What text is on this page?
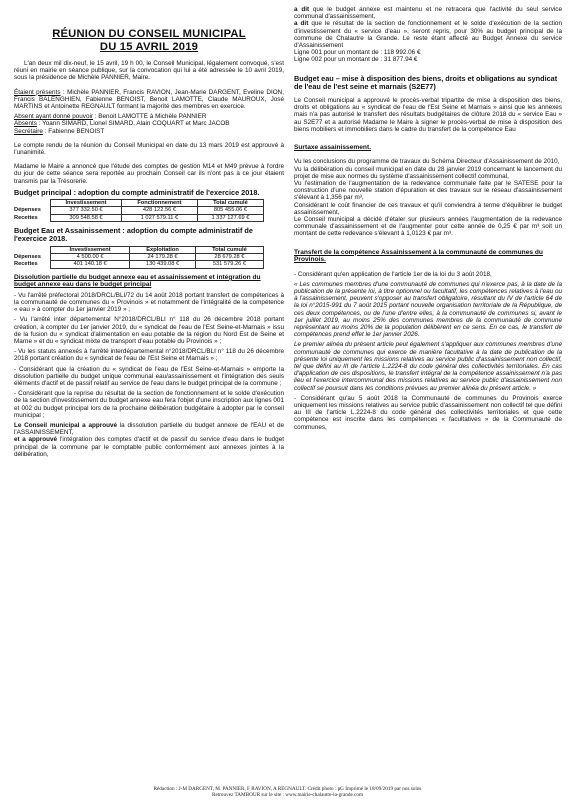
RÉUNION DU CONSEIL MUNICIPAL
DU 15 AVRIL 2019

L'an deux mil dix-neuf, le 15 avril, 19 h 00, le Conseil Municipal, légalement convoqué, s'est réuni en mairie en séance publique, sur la convocation qui lui a été adressée le 10 avril 2019, sous la présidence de Michèle PANNIER, Maire.

Étaient présents : Michèle PANNIER, Francis RAVION, Jean-Marie DARGENT, Eveline DION, Francis BALENGHIEN, Fabienne BENOIST, Benoit LAMOTTE, Claude MAUROUX, José MARTINS et Antoinette REGNAULT formant la majorité des membres en exercice.

Absent ayant donné pouvoir : Benoit LAMOTTE à Michèle PANNIER

Absents : Yoann SIMARD, Lionel SIMARD, Alain COQUART et Marc JACOB

Secrétaire : Fabienne BENOIST

Le compte rendu de la réunion du Conseil Municipal en date du 13 mars 2019 est approuvé à l'unanimité.

Madame le Maire a annoncé que l'étude des comptes de gestion M14 et M49 prévue à l'ordre du jour de cette séance sera reportée au prochain Conseil car ils n'ont pas à ce jour étaient transmis par la Trésorerie.

Budget principal : adoption du compte administratif de l'exercice 2018.
	Investissement	Fonctionnement	Total cumulé
Dépenses	377 332.50 €	428 122.56 €	805 455.06 €
Recettes	309 548.58 €	1 027 579.11 €	1 337 127.69 €
Budget Eau et Assainissement : adoption du compte administratif de l'exercice 2018.
	Investissement	Exploitation	Total cumulé
Dépenses	4 500.00 €	24 179.28 €	28 679.28 €
Recettes	401 140.18 €	130 439.08 €	531 579.26 €
Dissolution partielle du budget annexe eau et assainissement et intégration du budget annexe eau dans le budget principal

- Vu l'arrêté préfectoral 2018/DRCL/BLI/72 du 14 août 2018 portant transfert de compétences à la communauté de communes du « Provinois » et notamment de l'intégralité de la compétence « eau » à compter du 1er janvier 2019 » ;

- Vu l'arrêté inter départemental N°2018/DRCL/BLI n° 118 du 26 décembre 2018 portant création, à compter du 1er janvier 2019, du « syndicat de l'eau de l'Est Seine-et-Marnais » issu de la fusion du « syndicat d'alimentation en eau potable de la région du Nord Est de Seine et Marne » et du « syndicat mixte de transport d'eau potable du Provinois » ;

- Vu les statuts annexés à l'arrêté interdépartemental n°2018/DRCL/BLI n° 118 du 26 décembre 2018 portant création du « syndicat de l'eau de l'Est Seine et Marnais » ;

- Considérant que la création du « syndicat de l'eau de l'Est Seine-et-Marnais » emporte la dissolution partielle du budget unique communal eau/assainissement et l'intégration des seuls éléments d'actif et de passif relatif au service de l'eau dans le budget principal de la commune ;

- Considérant que la reprise du résultat de la section de fonctionnement et le solde d'exécution de la section d'investissement du budget annexe eau fera l'objet d'une inscription aux lignes 001 et 002 du budget principal lors de la prochaine délibération budgétaire à adopter par le conseil municipal ;

Le Conseil municipal a approuvé la dissolution partielle du budget annexe de l'EAU et de l'ASSAINISSEMENT,

et a approuvé l'intégration des comptes d'actif et de passif du service d'eau dans le budget principal de la commune par le comptable public conformément aux annexes jointes à la délibération,

a dit que le budget annexe est maintenu et ne retracera que l'activité du seul service communal d'assainissement,

a dit que le résultat de la section de fonctionnement et le solde d'exécution de la section d'investissement du « service d'eau », seront repris, pour 30% au budget principal de la commune de Chalautre la Grande. Le reste étant affecté au Budget Annexe du service d'Assainissement

Ligne 001 pour un montant de : 118 992.06 €

Ligne 002 pour un montant de : 31 877.94 €

Budget eau – mise à disposition des biens, droits et obligations au syndicat de l'eau de l'est seine et marnais (S2E77)

Le Conseil municipal a approuvé le procès-verbal tripartite de mise à disposition des biens, droits et obligations au « syndicat de l'eau de l'Est Seine et Marnais » ainsi que les annexes mais n'a pas autorisé le transfert des résultats budgétaires de clôture 2018 du « service Eau » au S2E77 et a autorisé Madame le Maire à signer le procès-verbal de mise à disposition des biens mobiliers et immobiliers dans le cadre du transfert de la compétence Eau

Surtaxe assainissement.

Vu les conclusions du programme de travaux du Schéma Directeur d'Assainissement de 2010,

Vu la délibération du conseil municipal en date du 28 janvier 2019 concernant le lancement du projet de mise aux normes du système d'assainissement collectif communal,

Vu l'estimation de l'augmentation de la redevance communale faite par le SATESE pour la construction d'une nouvelle station d'épuration et des travaux sur le réseau d'assainissement s'élevant à 1,356 par m³,

Considérant le coût financier de ces travaux et qu'il conviendra à terme d'équilibrer le budget assainissement,

Le Conseil municipal a décidé d'étaler sur plusieurs années l'augmentation de la redevance communale d'assainissement et de l'augmenter pour cette année de 0,25 € par m³ soit un montant de cette redevance s'élevant à 1,0123 € par m³.

Transfert de la compétence Assainissement à la communauté de communes du Provinois.

- Considérant qu'en application de l'article 1er de la loi du 3 août 2018,

« Les communes membres d'une communauté de communes qui n'exerce pas, à la date de la publication de la présente loi, à titre optionnel ou facultatif, les compétences relatives à l'eau ou à l'assainissement, peuvent s'opposer au transfert obligatoire, résultant du IV de l'article 64 de la loi n°2015-991 du 7 août 2015 portant nouvelle organisation territoriale de la République, de ces deux compétences, ou de l'une d'entre elles, à la communauté de communes si, avant le 1er juillet 2019, au moins 25% des communes membres de la communauté de commune représentant au moins 20% de la population délibèrent en ce sens. En ce cas, le transfert de compétences prend effet le 1er janvier 2026.

Le premier alinéa du présent article peut également s'appliquer aux communes membres d'une communauté de communes qui exerce de manière facultative à la date de publication de la présente loi uniquement les missions relatives au service public d'assainissement non collectif, tel que défini au III de l'article L.2224-8 du code général des collectivités territoriales. En cas d'application de ces dispositions, le transfert intégral de la compétence assainissement n'a pas lieu et l'exercice intercommunal des missions relatives au service public d'assainissement non collectif se poursuit dans les conditions prévues au premier alinéa du présent article. »

- Considérant qu'au 5 août 2018 la Communauté de communes du Provinois exerce uniquement les missions relatives au service public d'assainissement non collectif tel que défini au III de l'article L.2224-8 du code général des collectivités territoriales et que cette compétence est inscrite dans les compétences « facultatives » de la Communauté de communes,

Rédaction : J-M DARGENT, M. PANNIER, F RAVION, A REGNAULT. Crédit photo : pG Imprimé le 18/09/2019 par nos soins
Retrouvez TAMBOUR sur le site : www.mairie-chalautre-la-grande.com
